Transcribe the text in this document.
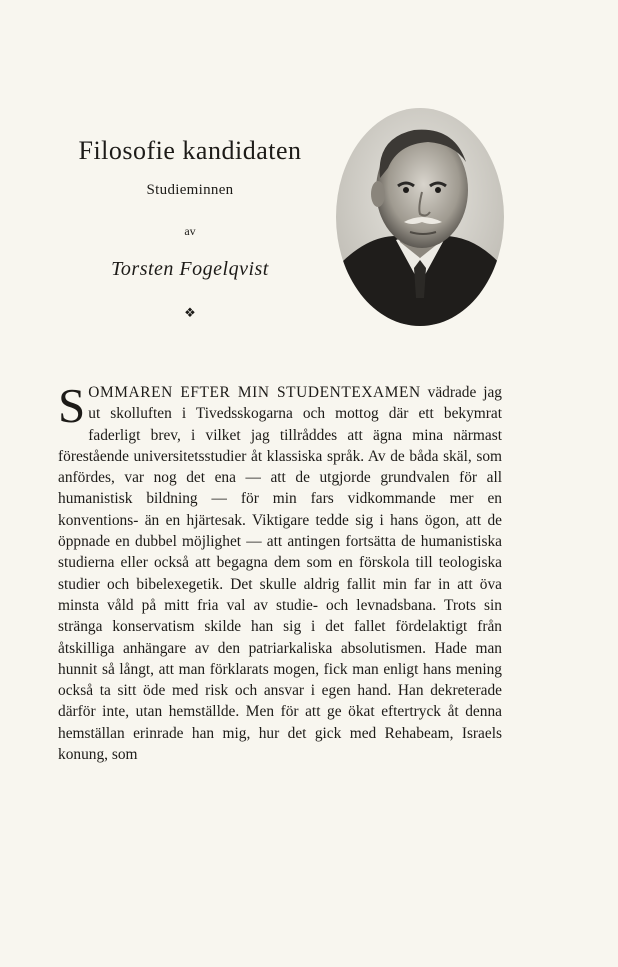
Filosofie kandidaten
Studieminnen
av
Torsten Fogelqvist
❖

SOMMAREN EFTER MIN STUDENTEXAMEN vädrade jag ut skolluften i Tivedsskogarna och mottog där ett bekymrat faderligt brev, i vilket jag tillråddes att ägna mina närmast förestående universitetsstudier åt klassiska språk. Av de båda skäl, som anfördes, var nog det ena — att de utgjorde grundvalen för all humanistisk bildning — för min fars vidkommande mer en konventions- än en hjärtesak. Viktigare tedde sig i hans ögon, att de öppnade en dubbel möjlighet — att antingen fortsätta de humanistiska studierna eller också att begagna dem som en förskola till teologiska studier och bibelexegetik. Det skulle aldrig fallit min far in att öva minsta våld på mitt fria val av studie- och levnadsbana. Trots sin stränga konservatism skilde han sig i det fallet fördelaktigt från åtskilliga anhängare av den patriarkaliska absolutismen. Hade man hunnit så långt, att man förklarats mogen, fick man enligt hans mening också ta sitt öde med risk och ansvar i egen hand. Han dekreterade därför inte, utan hemställde. Men för att ge ökat eftertryck åt denna hemställan erinrade han mig, hur det gick med Rehabeam, Israels konung, som
